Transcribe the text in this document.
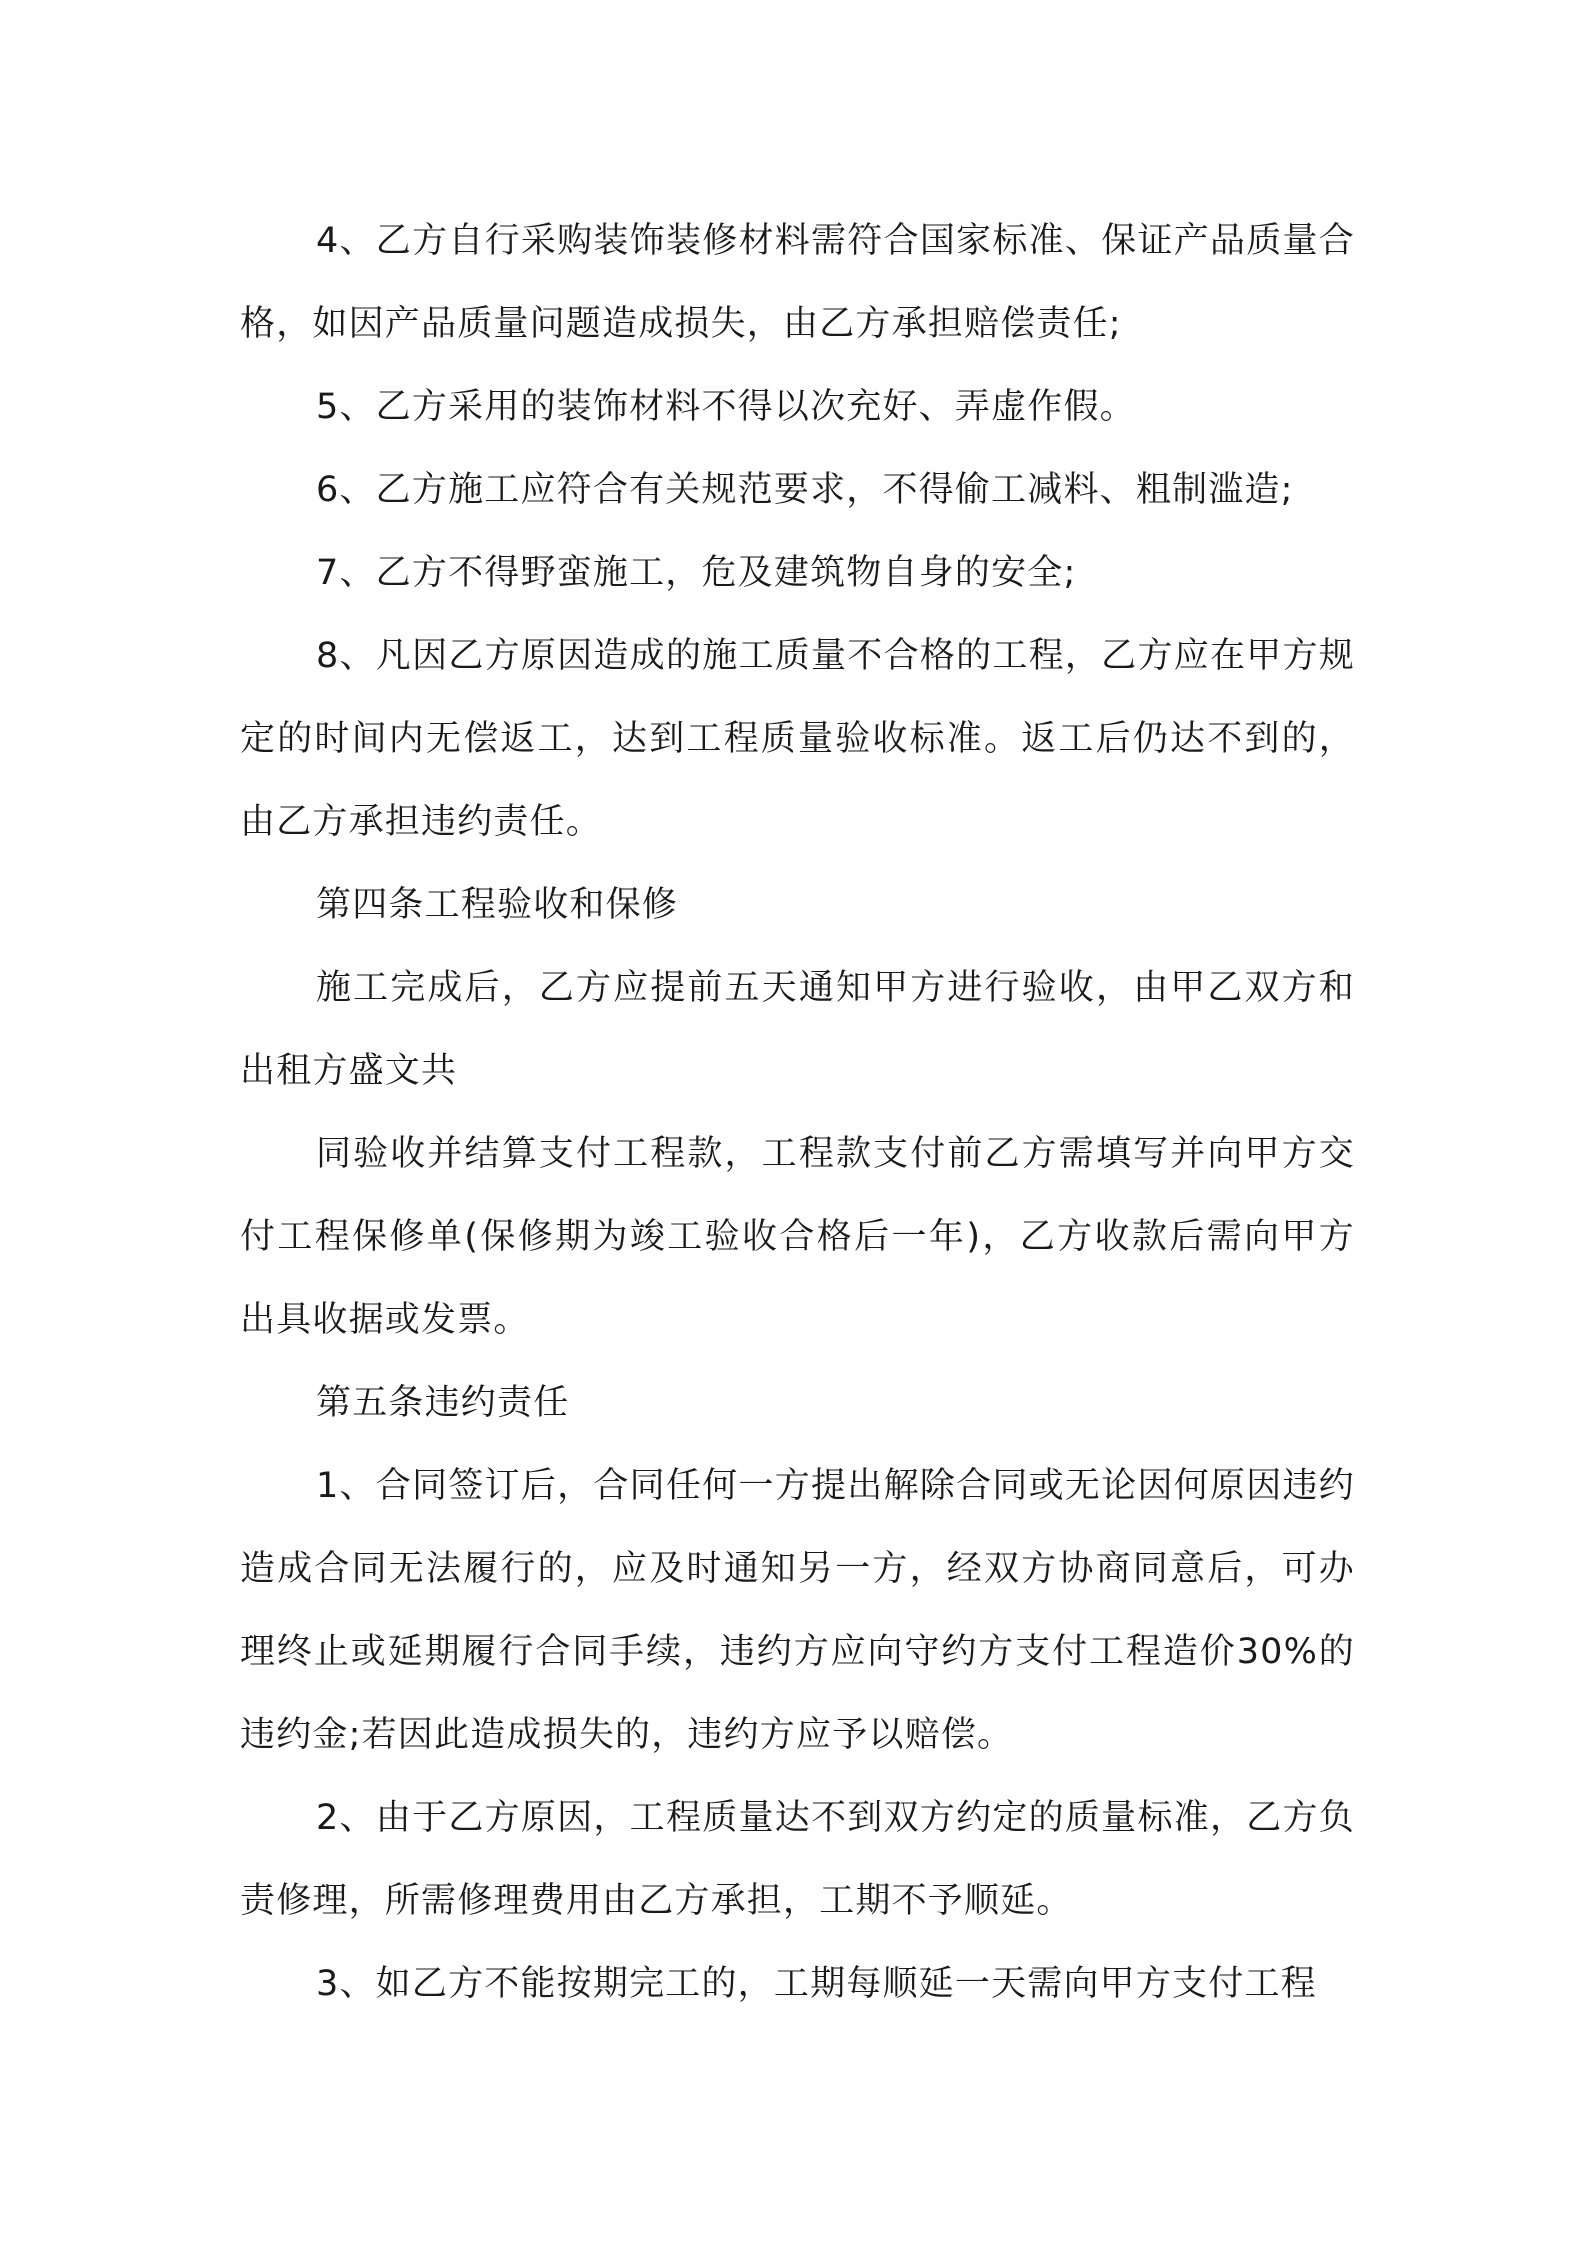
4、乙方自行采购装饰装修材料需符合国家标准、保证产品质量合格，如因产品质量问题造成损失，由乙方承担赔偿责任;

5、乙方采用的装饰材料不得以次充好、弄虚作假。

6、乙方施工应符合有关规范要求，不得偷工减料、粗制滥造;

7、乙方不得野蛮施工，危及建筑物自身的安全;

8、凡因乙方原因造成的施工质量不合格的工程，乙方应在甲方规定的时间内无偿返工，达到工程质量验收标准。返工后仍达不到的，由乙方承担违约责任。

第四条工程验收和保修

施工完成后，乙方应提前五天通知甲方进行验收，由甲乙双方和出租方盛文共

同验收并结算支付工程款，工程款支付前乙方需填写并向甲方交付工程保修单(保修期为竣工验收合格后一年)，乙方收款后需向甲方出具收据或发票。

第五条违约责任

1、合同签订后，合同任何一方提出解除合同或无论因何原因违约造成合同无法履行的，应及时通知另一方，经双方协商同意后，可办理终止或延期履行合同手续，违约方应向守约方支付工程造价30%的违约金;若因此造成损失的，违约方应予以赔偿。

2、由于乙方原因，工程质量达不到双方约定的质量标准，乙方负责修理，所需修理费用由乙方承担，工期不予顺延。

3、如乙方不能按期完工的，工期每顺延一天需向甲方支付工程
